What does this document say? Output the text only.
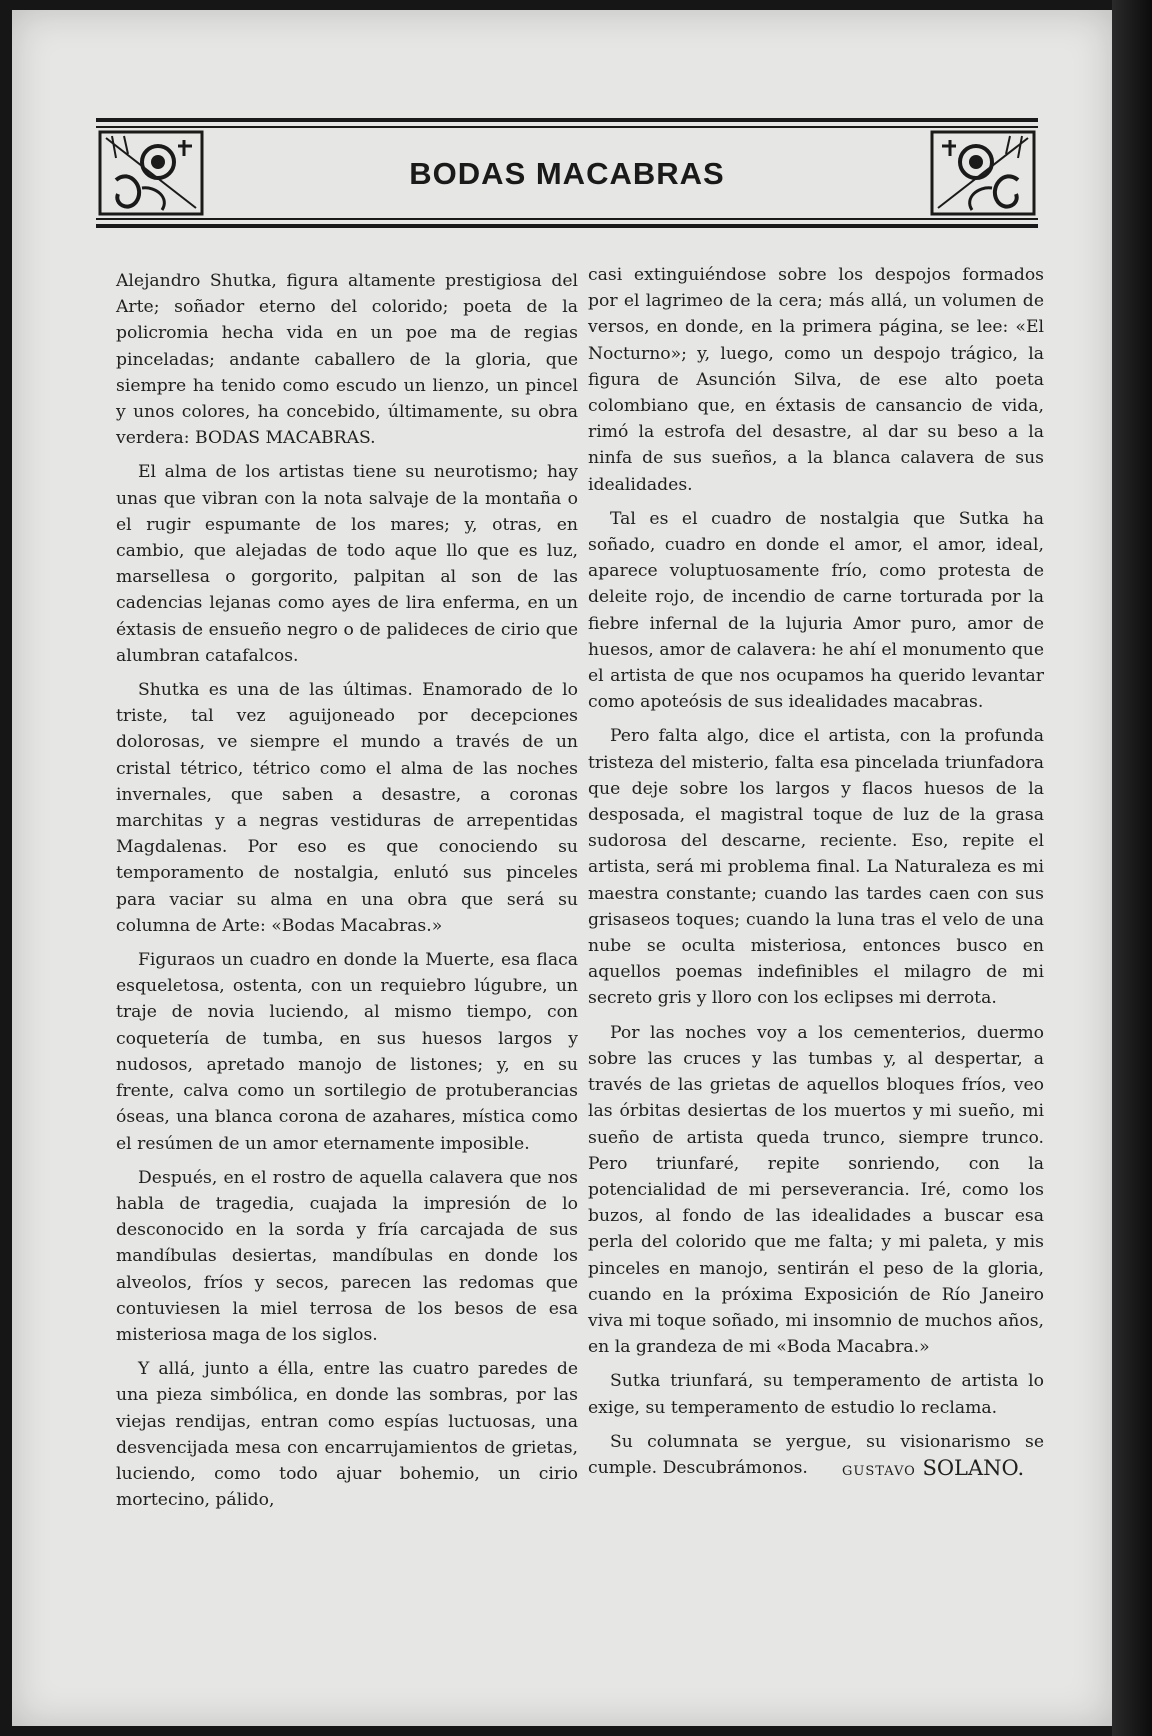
BODAS MACABRAS

Alejandro Shutka, figura altamente prestigiosa del Arte; soñador eterno del colorido; poeta de la policromia hecha vida en un poe ma de regias pinceladas; andante caballero de la gloria, que siempre ha tenido como escudo un lienzo, un pincel y unos colores, ha concebido, últimamente, su obra verdera: BODAS MACABRAS.

El alma de los artistas tiene su neurotismo; hay unas que vibran con la nota salvaje de la montaña o el rugir espumante de los mares; y, otras, en cambio, que alejadas de todo aque llo que es luz, marsellesa o gorgorito, palpitan al son de las cadencias lejanas como ayes de lira enferma, en un éxtasis de ensueño negro o de palideces de cirio que alumbran catafalcos.

Shutka es una de las últimas. Enamorado de lo triste, tal vez aguijoneado por decepciones dolorosas, ve siempre el mundo a través de un cristal tétrico, tétrico como el alma de las noches invernales, que saben a desastre, a coronas marchitas y a negras vestiduras de arrepentidas Magdalenas. Por eso es que conociendo su temporamento de nostalgia, enlutó sus pinceles para vaciar su alma en una obra que será su columna de Arte: «Bodas Macabras.»

Figuraos un cuadro en donde la Muerte, esa flaca esqueletosa, ostenta, con un requiebro lúgubre, un traje de novia luciendo, al mismo tiempo, con coquetería de tumba, en sus huesos largos y nudosos, apretado manojo de listones; y, en su frente, calva como un sortilegio de protuberancias óseas, una blanca corona de azahares, mística como el resúmen de un amor eternamente imposible.

Después, en el rostro de aquella calavera que nos habla de tragedia, cuajada la impresión de lo desconocido en la sorda y fría carcajada de sus mandíbulas desiertas, mandíbulas en donde los alveolos, fríos y secos, parecen las redomas que contuviesen la miel terrosa de los besos de esa misteriosa maga de los siglos.

Y allá, junto a élla, entre las cuatro paredes de una pieza simbólica, en donde las sombras, por las viejas rendijas, entran como espías luctuosas, una desvencijada mesa con encarrujamientos de grietas, luciendo, como todo ajuar bohemio, un cirio mortecino, pálido,

casi extinguiéndose sobre los despojos formados por el lagrimeo de la cera; más allá, un volumen de versos, en donde, en la primera página, se lee: «El Nocturno»; y, luego, como un despojo trágico, la figura de Asunción Silva, de ese alto poeta colombiano que, en éxtasis de cansancio de vida, rimó la estrofa del desastre, al dar su beso a la ninfa de sus sueños, a la blanca calavera de sus idealidades.

Tal es el cuadro de nostalgia que Sutka ha soñado, cuadro en donde el amor, el amor, ideal, aparece voluptuosamente frío, como protesta de deleite rojo, de incendio de carne torturada por la fiebre infernal de la lujuria Amor puro, amor de huesos, amor de calavera: he ahí el monumento que el artista de que nos ocupamos ha querido levantar como apoteósis de sus idealidades macabras.

Pero falta algo, dice el artista, con la profunda tristeza del misterio, falta esa pincelada triunfadora que deje sobre los largos y flacos huesos de la desposada, el magistral toque de luz de la grasa sudorosa del descarne, reciente. Eso, repite el artista, será mi problema final. La Naturaleza es mi maestra constante; cuando las tardes caen con sus grisaseos toques; cuando la luna tras el velo de una nube se oculta misteriosa, entonces busco en aquellos poemas indefinibles el milagro de mi secreto gris y lloro con los eclipses mi derrota.

Por las noches voy a los cementerios, duermo sobre las cruces y las tumbas y, al despertar, a través de las grietas de aquellos bloques fríos, veo las órbitas desiertas de los muertos y mi sueño, mi sueño de artista queda trunco, siempre trunco. Pero triunfaré, repite sonriendo, con la potencialidad de mi perseverancia. Iré, como los buzos, al fondo de las idealidades a buscar esa perla del colorido que me falta; y mi paleta, y mis pinceles en manojo, sentirán el peso de la gloria, cuando en la próxima Exposición de Río Janeiro viva mi toque soñado, mi insomnio de muchos años, en la grandeza de mi «Boda Macabra.»

Sutka triunfará, su temperamento de artista lo exige, su temperamento de estudio lo reclama.

Su columnata se yergue, su visionarismo se cumple. Descubrámonos.	GUSTAVO SOLANO.
